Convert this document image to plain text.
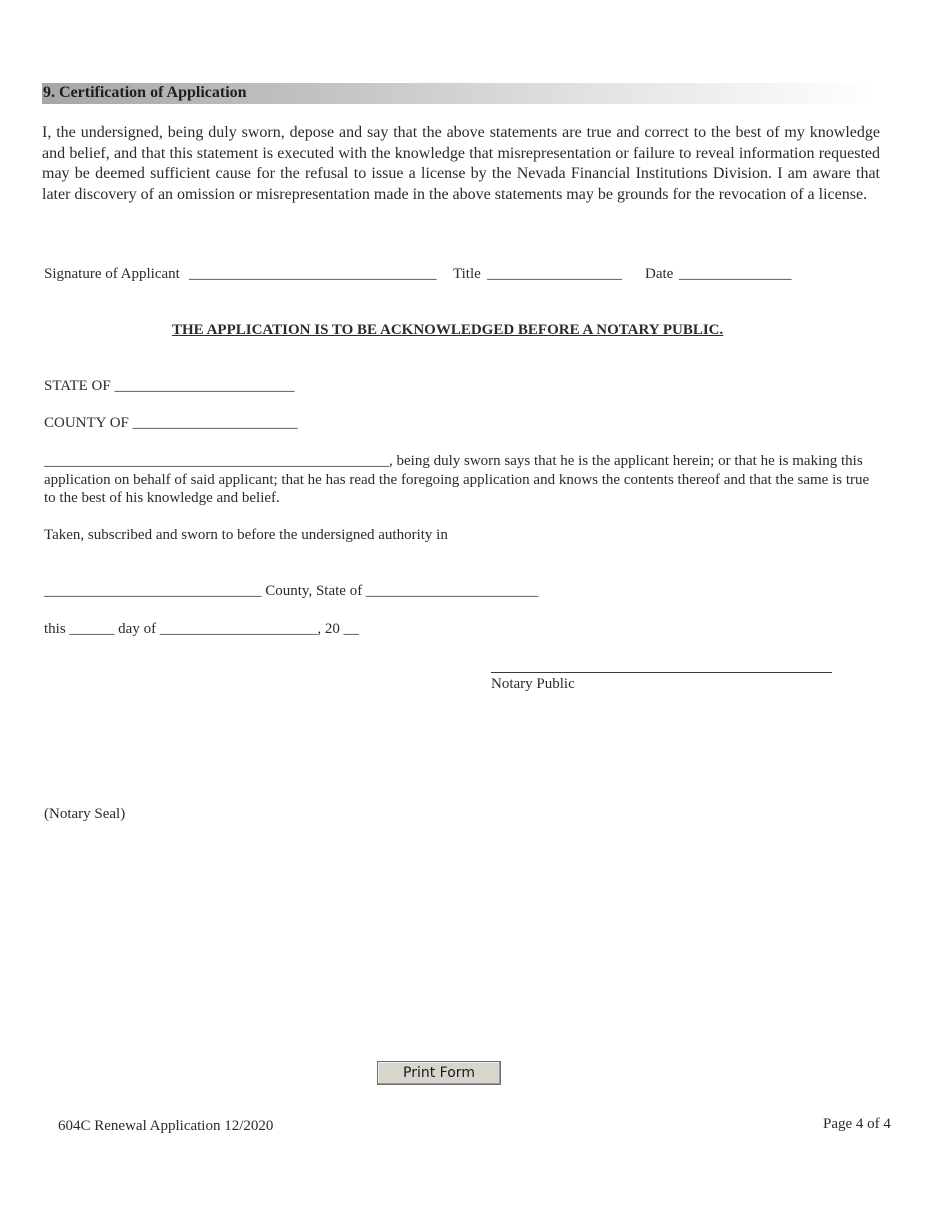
9. Certification of Application
I, the undersigned, being duly sworn, depose and say that the above statements are true and correct to the best of my knowledge and belief, and that this statement is executed with the knowledge that misrepresentation or failure to reveal information requested may be deemed sufficient cause for the refusal to issue a license by the Nevada Financial Institutions Division. I am aware that later discovery of an omission or misrepresentation made in the above statements may be grounds for the revocation of a license.
Signature of Applicant _________________________________ Title __________________ Date _______________
THE APPLICATION IS TO BE ACKNOWLEDGED BEFORE A NOTARY PUBLIC.
STATE OF ________________________
COUNTY OF ______________________
______________________________________________, being duly sworn says that he is the applicant herein; or that he is making this application on behalf of said applicant; that he has read the foregoing application and knows the contents thereof and that the same is true to the best of his knowledge and belief.
Taken, subscribed and sworn to before the undersigned authority in
_____________________________ County, State of _______________________
this ______ day of _____________________, 20 __
Notary Public
(Notary Seal)
Print Form
604C Renewal Application 12/2020	Page 4 of 4
